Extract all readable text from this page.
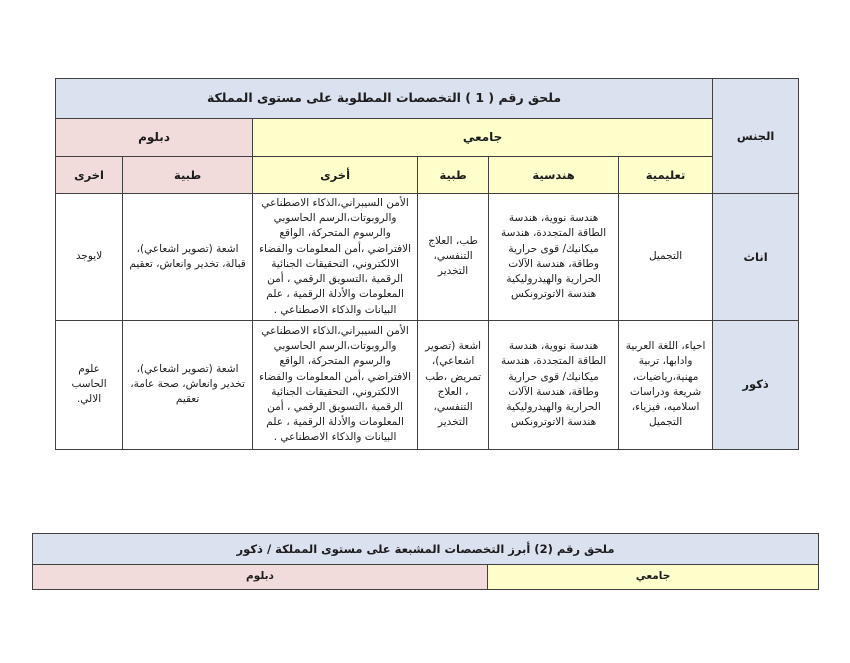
الجنس	ملحق رقم ( 1 ) التخصصات المطلوبة على مستوى المملكة					
	جامعي				دبلوم	
	تعليمية	هندسية	طبية	أخرى	طبية	اخرى
اناث	التجميل	هندسة نووية، هندسة الطاقة المتجددة، هندسة ميكانيك/ قوى حرارية وطاقة، هندسة الآلات الحرارية والهيدروليكية هندسة الاتوترونكس	طب، العلاج التنفسي، التخدير	الأمن السيبراني،الذكاء الاصطناعي والروبوتات،الرسم الحاسوبي والرسوم المتحركة، الواقع الافتراضي ،أمن المعلومات والفضاء الالكتروني، التحقيقات الجنائية الرقمية ،التسويق الرقمي ، أمن المعلومات والأدلة الرقمية ، علم البيانات والذكاء الاصطناعي .	اشعة (تصوير اشعاعي)، قبالة، تخدير وانعاش، تعقيم	لايوجد
ذكور	احياء، اللغة العربية وادابها، تربية مهنية،رياضيات، شريعة ودراسات اسلاميه، فيزياء، التجميل	هندسة نووية، هندسة الطاقة المتجددة، هندسة ميكانيك/ قوى حرارية وطاقة، هندسة الآلات الحرارية والهيدروليكية هندسة الاتوترونكس	اشعة (تصوير اشعاعي)، تمريض ،طب ، العلاج التنفسي، التخدير	الأمن السيبراني،الذكاء الاصطناعي والروبوتات،الرسم الحاسوبي والرسوم المتحركة، الواقع الافتراضي ،أمن المعلومات والفضاء الالكتروني، التحقيقات الجنائية الرقمية ،التسويق الرقمي ، أمن المعلومات والأدلة الرقمية ، علم البيانات والذكاء الاصطناعي .	اشعة (تصوير اشعاعي)، تخدير وانعاش، صحة عامة، تعقيم	علوم الحاسب الالي.
ملحق رقم (2) أبرز التخصصات المشبعة على مستوى المملكة / ذكور
جامعي	دبلوم
